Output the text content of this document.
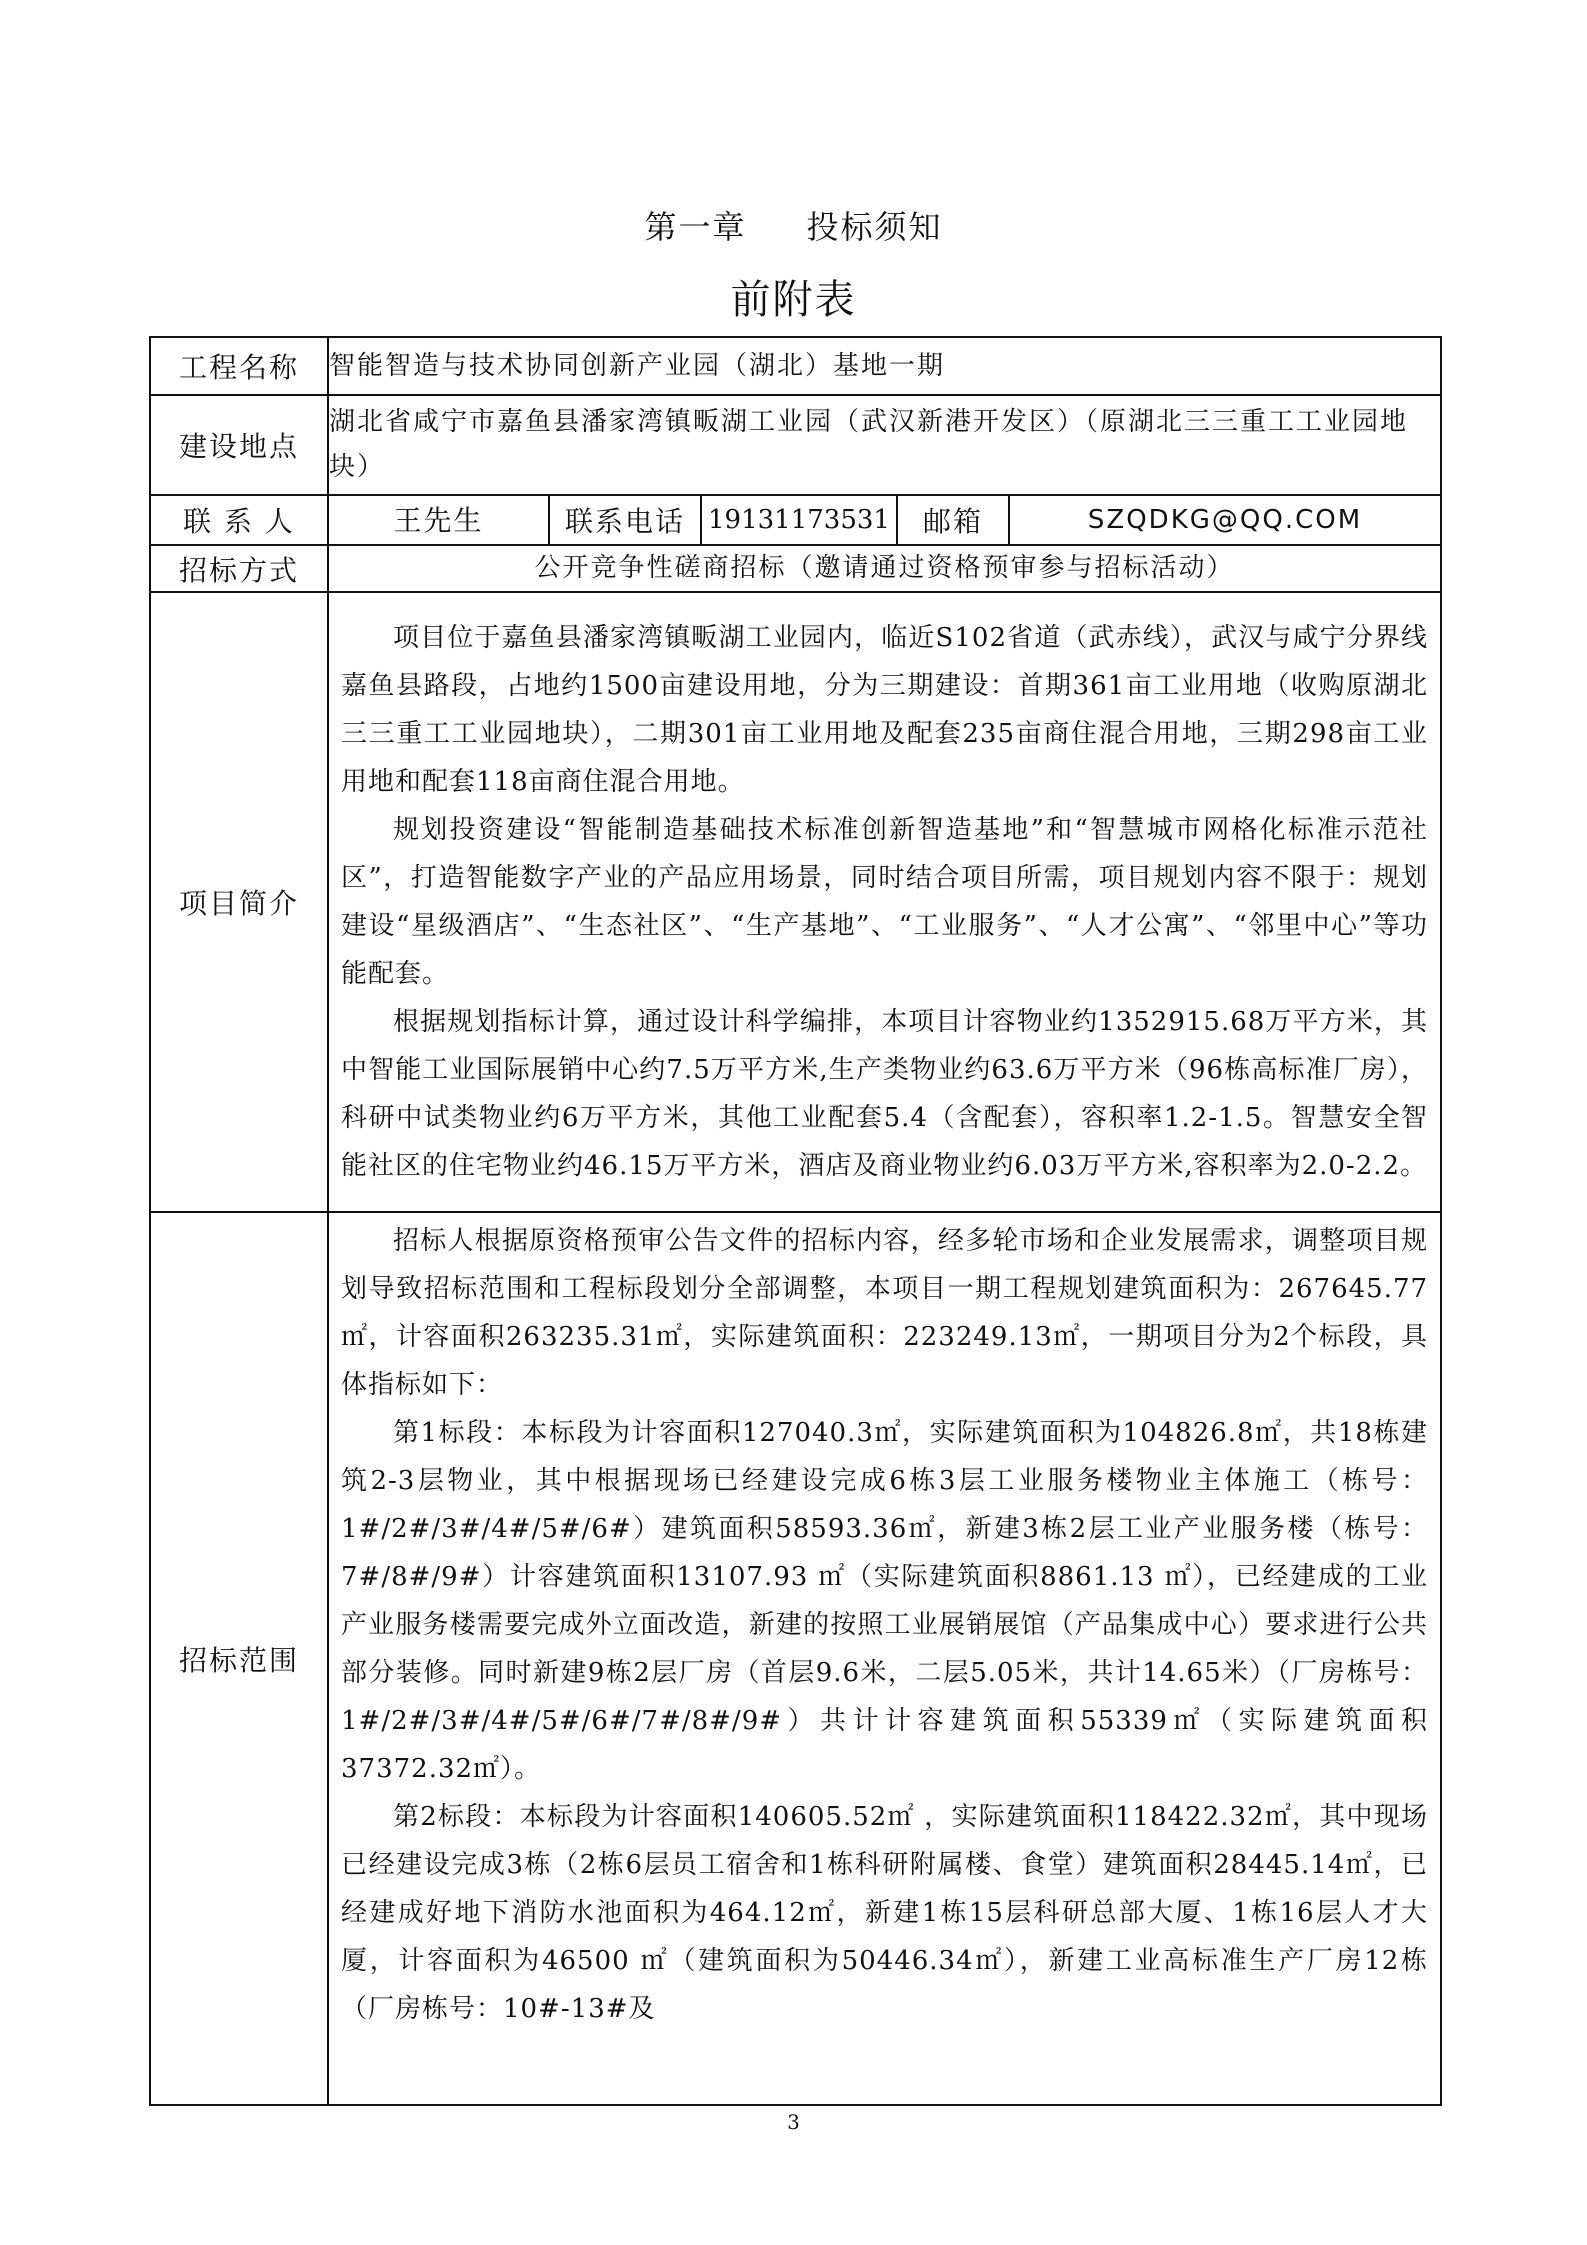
第一章 投标须知
前附表
工程名称	智能智造与技术协同创新产业园（湖北）基地一期				
建设地点	湖北省咸宁市嘉鱼县潘家湾镇畈湖工业园（武汉新港开发区）（原湖北三三重工工业园地块）				
联 系 人	王先生	联系电话	19131173531	邮箱	SZQDKG@QQ.COM
招标方式	公开竞争性磋商招标（邀请通过资格预审参与招标活动）				
项目简介	项目位于嘉鱼县潘家湾镇畈湖工业园内，临近S102省道（武赤线），武汉与咸宁分界线嘉鱼县路段，占地约1500亩建设用地，分为三期建设：首期361亩工业用地（收购原湖北三三重工工业园地块），二期301亩工业用地及配套235亩商住混合用地，三期298亩工业用地和配套118亩商住混合用地。
规划投资建设“智能制造基础技术标准创新智造基地”和“智慧城市网格化标准示范社区”，打造智能数字产业的产品应用场景，同时结合项目所需，项目规划内容不限于：规划建设“星级酒店”、“生态社区”、“生产基地”、“工业服务”、“人才公寓”、“邻里中心”等功能配套。
根据规划指标计算，通过设计科学编排，本项目计容物业约1352915.68万平方米，其中智能工业国际展销中心约7.5万平方米,生产类物业约63.6万平方米（96栋高标准厂房），科研中试类物业约6万平方米，其他工业配套5.4（含配套），容积率1.2-1.5。智慧安全智能社区的住宅物业约46.15万平方米，酒店及商业物业约6.03万平方米,容积率为2.0-2.2。				

招标范围	招标人根据原资格预审公告文件的招标内容，经多轮市场和企业发展需求，调整项目规划导致招标范围和工程标段划分全部调整，本项目一期工程规划建筑面积为：267645.77㎡，计容面积263235.31㎡，实际建筑面积：223249.13㎡，一期项目分为2个标段，具体指标如下：
第1标段：本标段为计容面积127040.3㎡，实际建筑面积为104826.8㎡，共18栋建筑2-3层物业，其中根据现场已经建设完成6栋3层工业服务楼物业主体施工（栋号：1#/2#/3#/4#/5#/6#）建筑面积58593.36㎡，新建3栋2层工业产业服务楼（栋号：7#/8#/9#）计容建筑面积13107.93 ㎡（实际建筑面积8861.13 ㎡），已经建成的工业产业服务楼需要完成外立面改造，新建的按照工业展销展馆（产品集成中心）要求进行公共部分装修。同时新建9栋2层厂房（首层9.6米，二层5.05米，共计14.65米）（厂房栋号：1#/2#/3#/4#/5#/6#/7#/8#/9#）共计计容建筑面积55339㎡（实际建筑面积37372.32㎡）。
第2标段：本标段为计容面积140605.52㎡ ，实际建筑面积118422.32㎡，其中现场已经建设完成3栋（2栋6层员工宿舍和1栋科研附属楼、食堂）建筑面积28445.14㎡，已经建成好地下消防水池面积为464.12㎡，新建1栋15层科研总部大厦、1栋16层人才大厦，计容面积为46500 ㎡（建筑面积为50446.34㎡），新建工业高标准生产厂房12栋（厂房栋号：10#-13#及				
3
